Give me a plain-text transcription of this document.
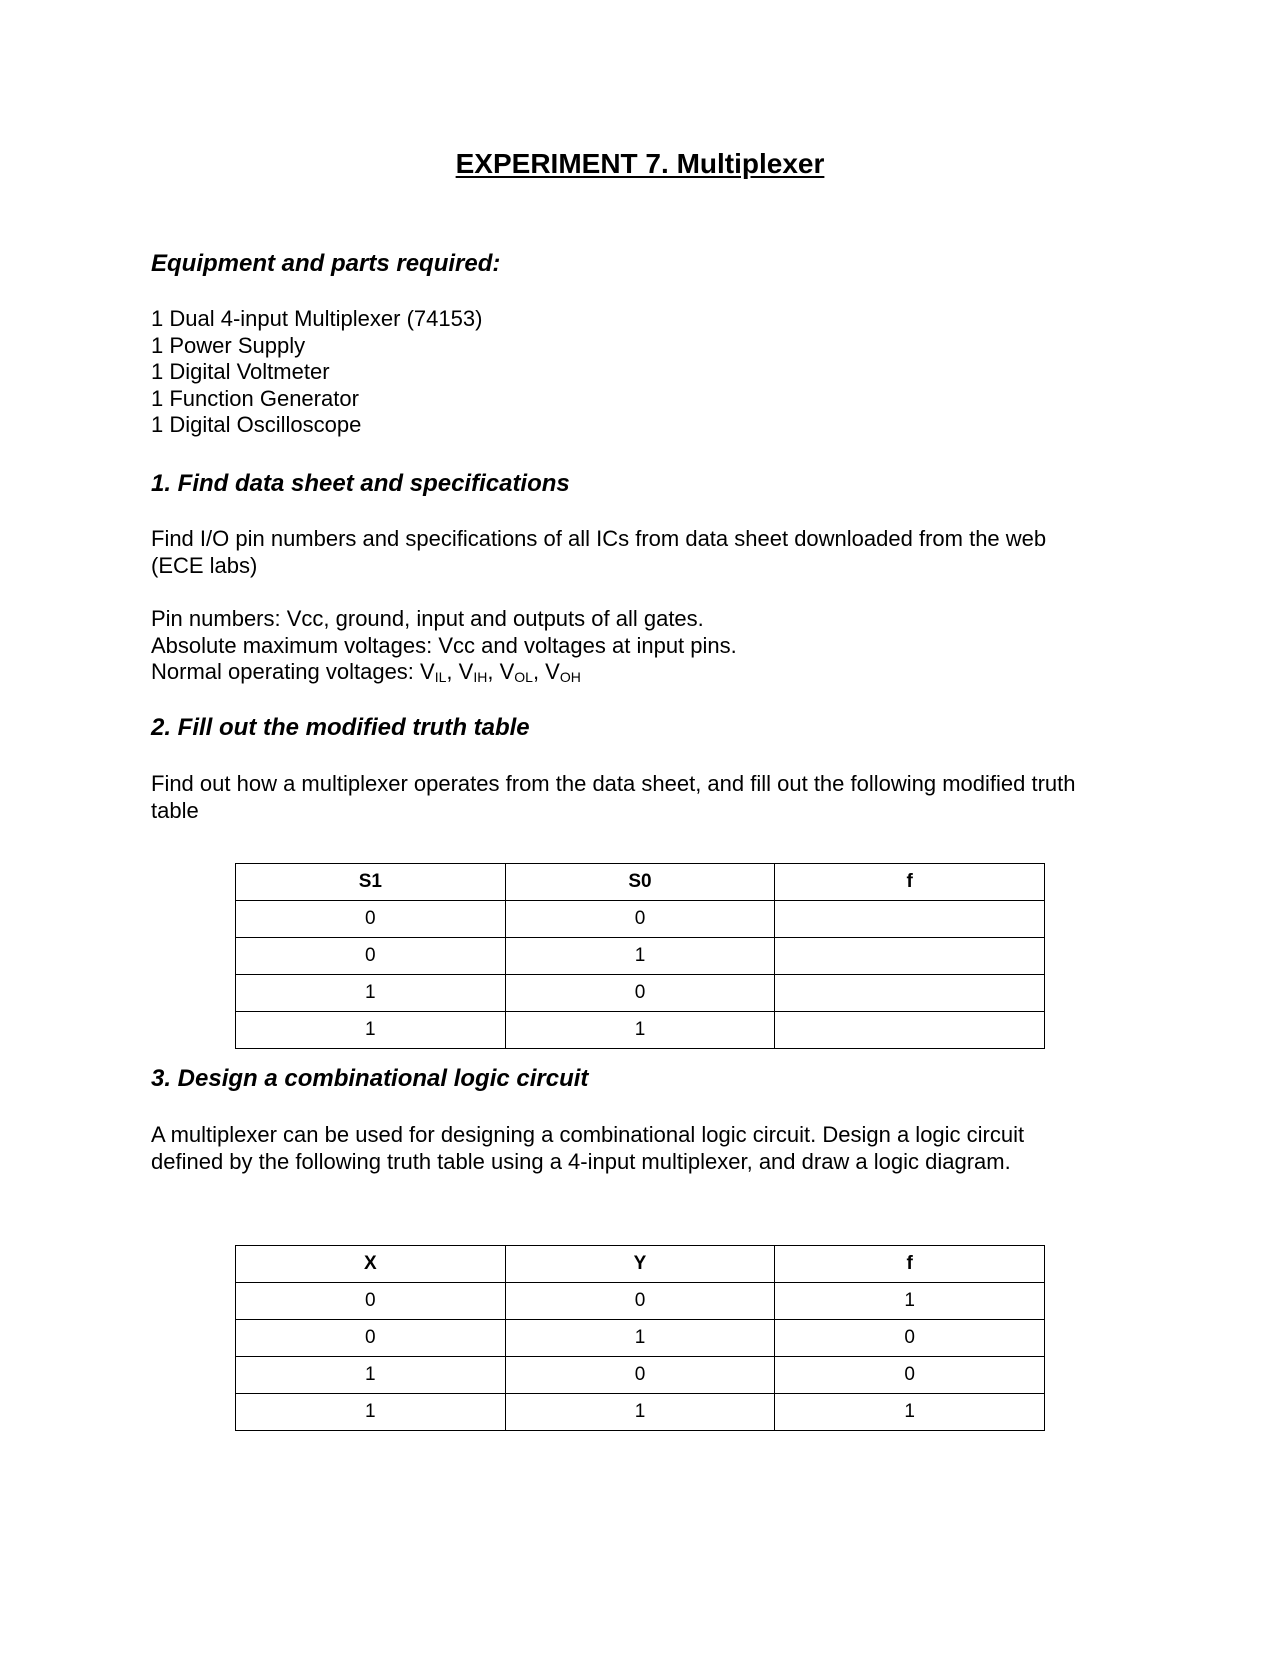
EXPERIMENT 7. Multiplexer
Equipment and parts required:
1 Dual 4-input Multiplexer (74153)
1 Power Supply
1 Digital Voltmeter
1 Function Generator
1 Digital Oscilloscope
1. Find data sheet and specifications
Find I/O pin numbers and specifications of all ICs from data sheet downloaded from the web
(ECE labs)
Pin numbers: Vcc, ground, input and outputs of all gates.
Absolute maximum voltages: Vcc and voltages at input pins.
Normal operating voltages: $V_{IL}$, $V_{IH}$, $V_{OL}$, $V_{OH}$
2. Fill out the modified truth table
Find out how a multiplexer operates from the data sheet, and fill out the following modified truth
table
S1	S0	f
0	0	
0	1	
1	0	
1	1	
3. Design a combinational logic circuit
A multiplexer can be used for designing a combinational logic circuit. Design a logic circuit
defined by the following truth table using a 4-input multiplexer, and draw a logic diagram.
X	Y	f
0	0	1
0	1	0
1	0	0
1	1	1
